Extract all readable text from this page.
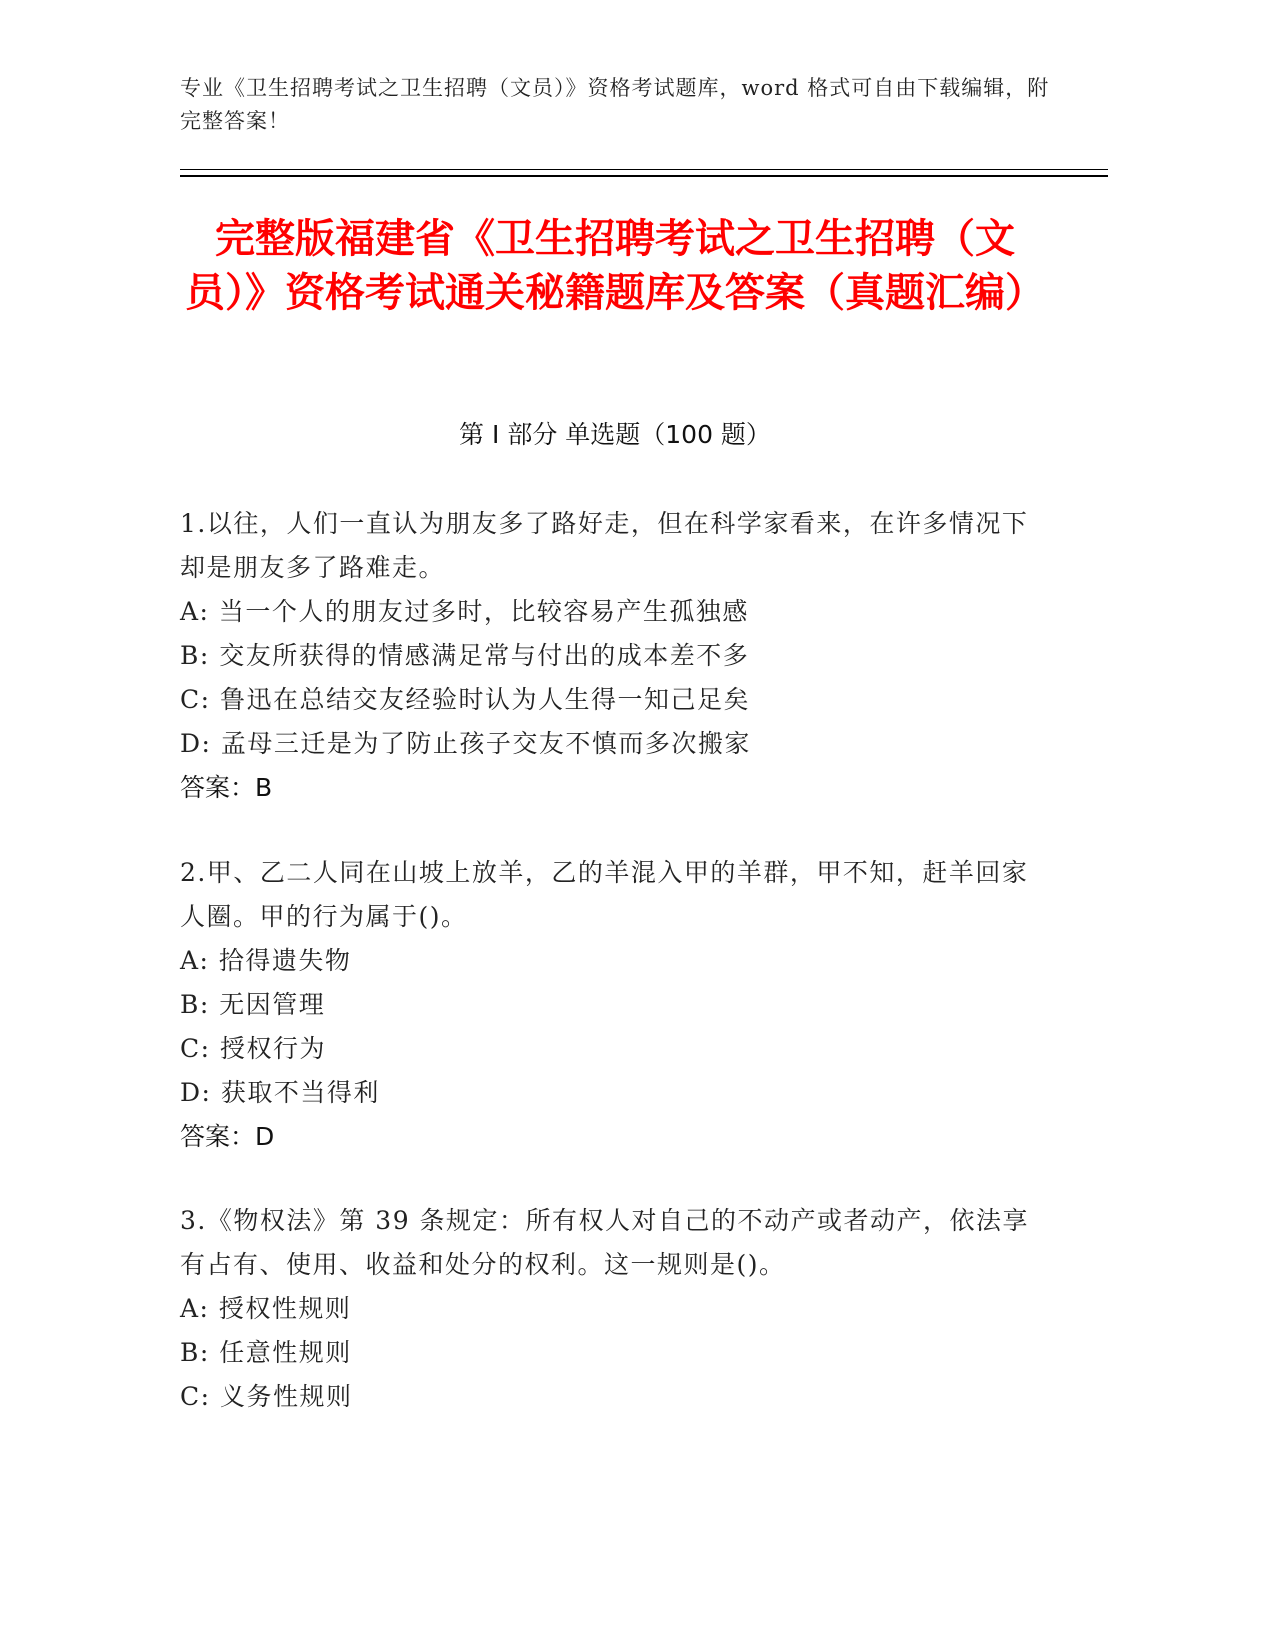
专业《卫生招聘考试之卫生招聘（文员）》资格考试题库，word 格式可自由下载编辑，附完整答案！
完整版福建省《卫生招聘考试之卫生招聘（文员）》资格考试通关秘籍题库及答案（真题汇编）
第 I 部分 单选题（100 题）
1.以往，人们一直认为朋友多了路好走，但在科学家看来，在许多情况下却是朋友多了路难走。
A: 当一个人的朋友过多时，比较容易产生孤独感
B: 交友所获得的情感满足常与付出的成本差不多
C: 鲁迅在总结交友经验时认为人生得一知己足矣
D: 孟母三迁是为了防止孩子交友不慎而多次搬家
答案：B
2.甲、乙二人同在山坡上放羊，乙的羊混入甲的羊群，甲不知，赶羊回家人圈。甲的行为属于()。
A: 拾得遗失物
B: 无因管理
C: 授权行为
D: 获取不当得利
答案：D
3.《物权法》第 39 条规定：所有权人对自己的不动产或者动产，依法享有占有、使用、收益和处分的权利。这一规则是()。
A: 授权性规则
B: 任意性规则
C: 义务性规则
